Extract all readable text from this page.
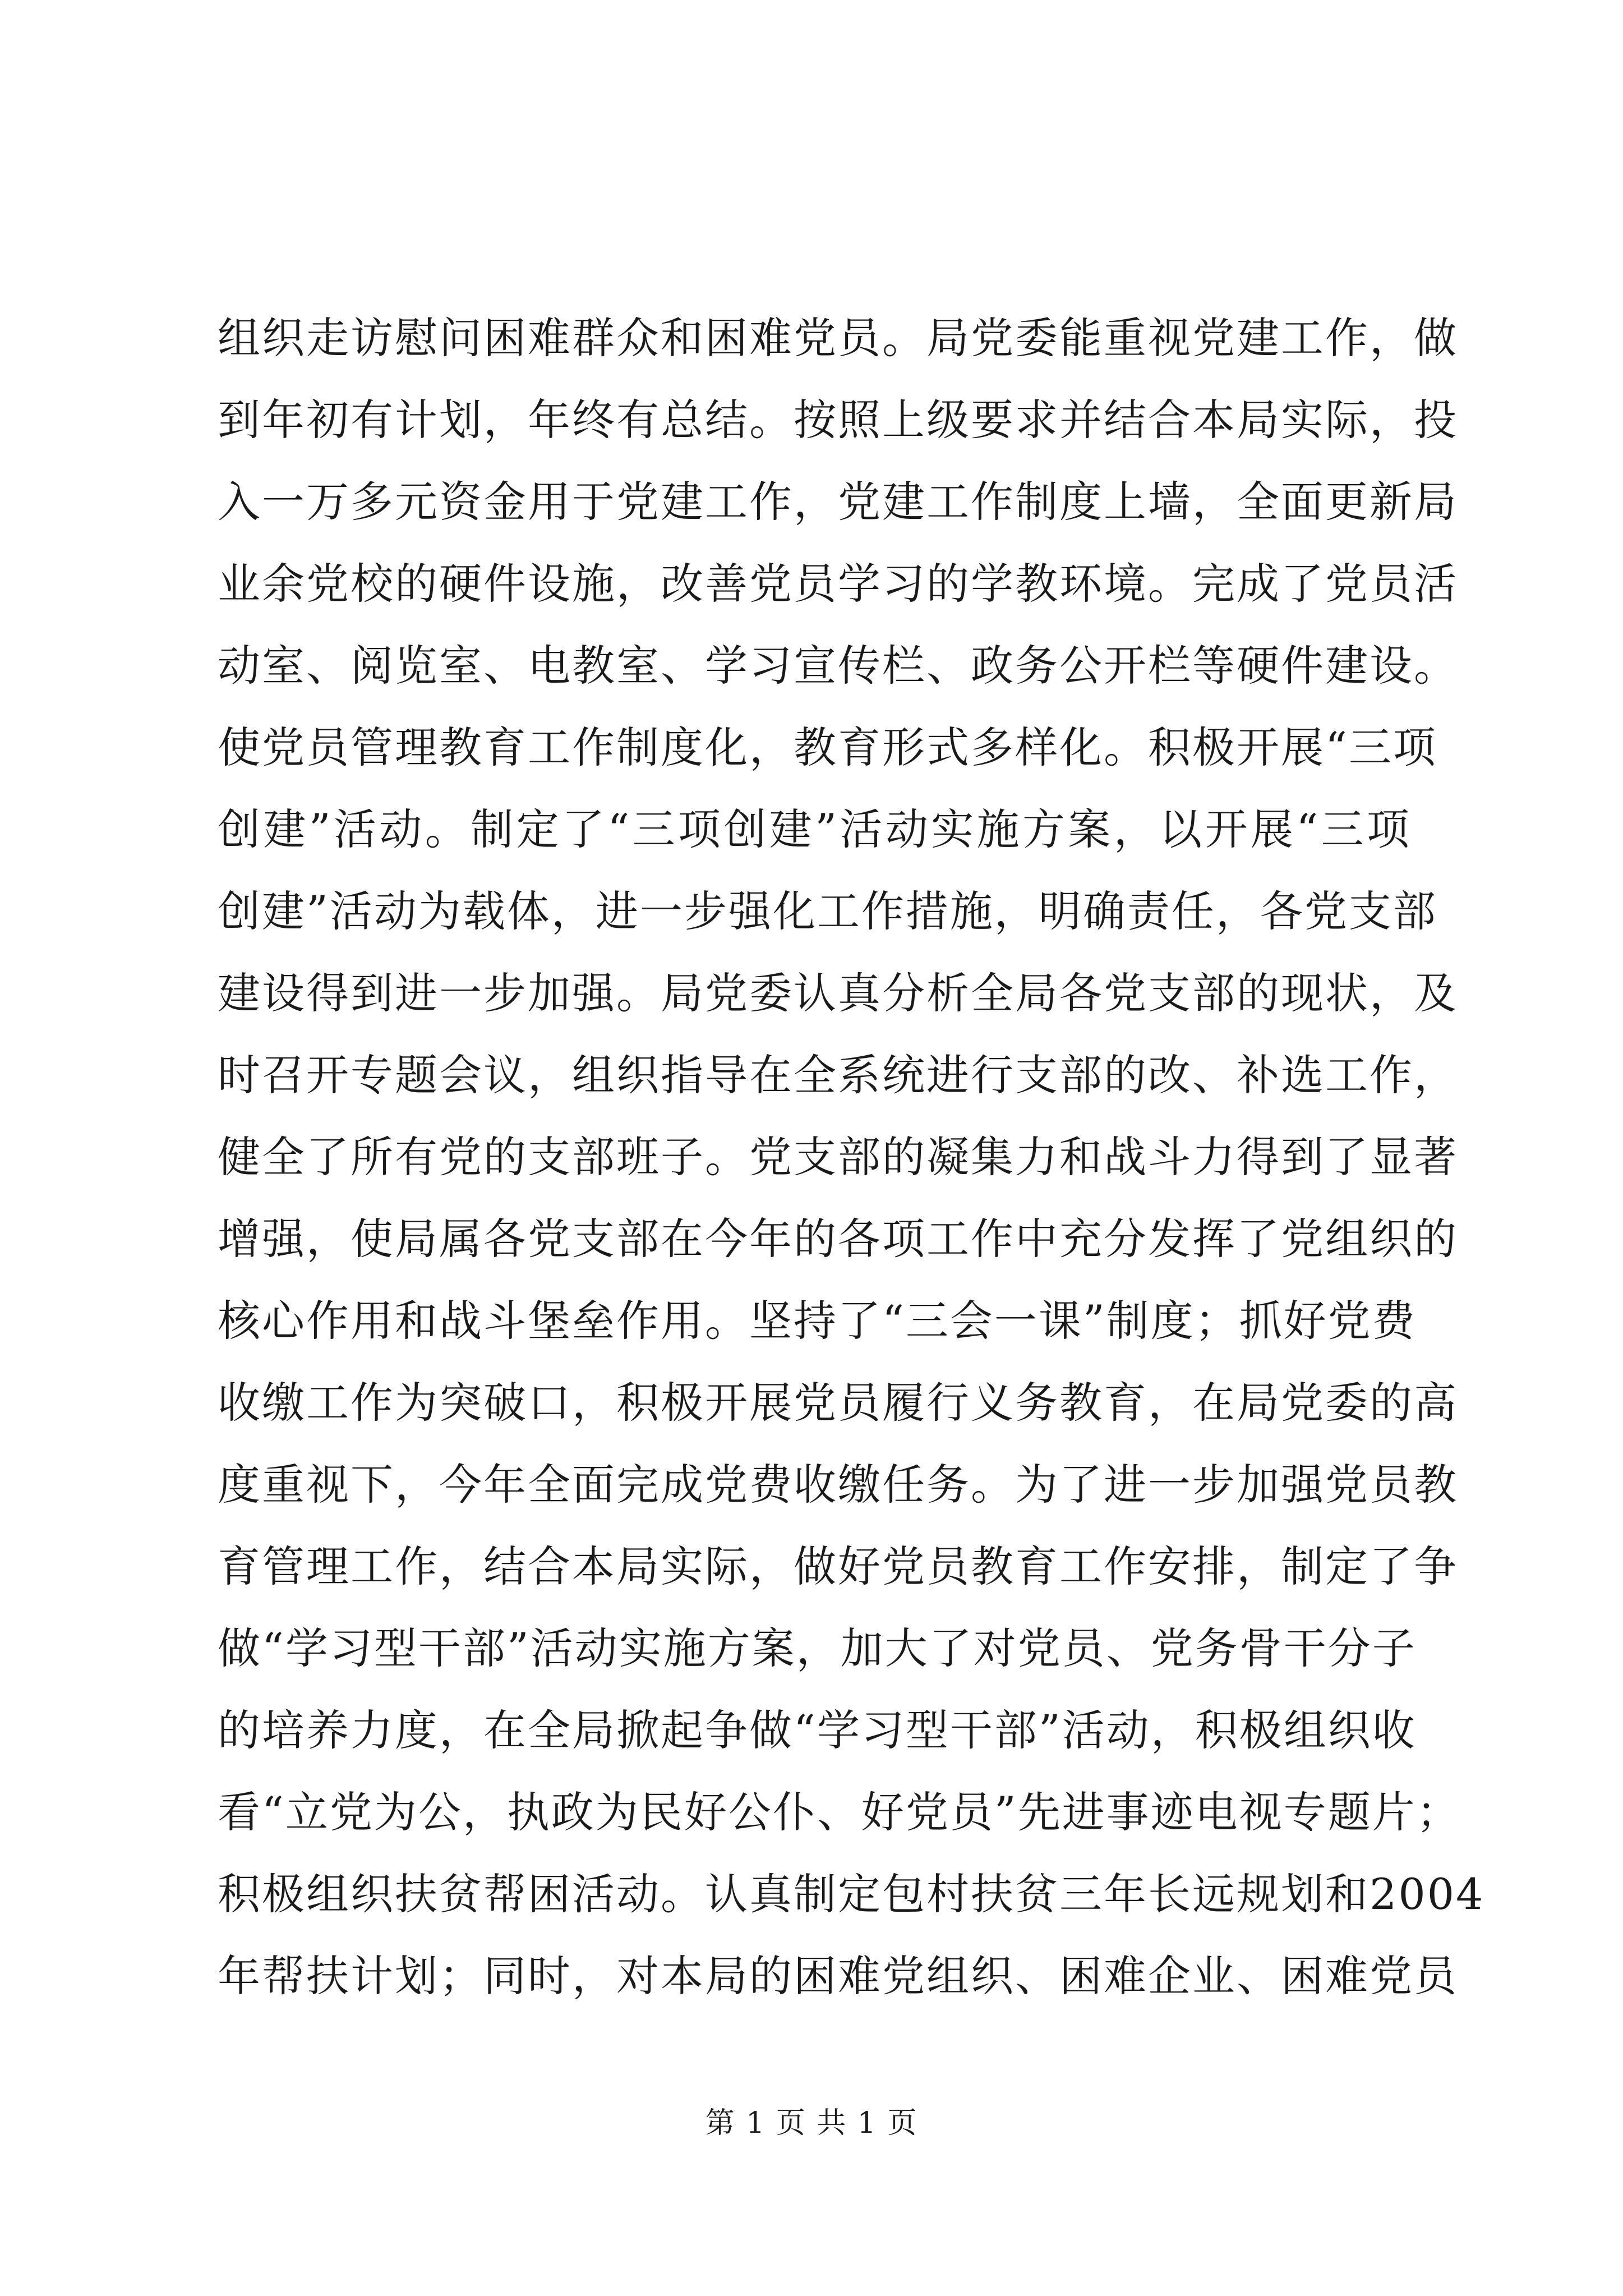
组织走访慰问困难群众和困难党员。局党委能重视党建工作，做
到年初有计划，年终有总结。按照上级要求并结合本局实际，投
入一万多元资金用于党建工作，党建工作制度上墙，全面更新局
业余党校的硬件设施，改善党员学习的学教环境。完成了党员活
动室、阅览室、电教室、学习宣传栏、政务公开栏等硬件建设。
使党员管理教育工作制度化，教育形式多样化。积极开展“三项
创建”活动。制定了“三项创建”活动实施方案，以开展“三项
创建”活动为载体，进一步强化工作措施，明确责任，各党支部
建设得到进一步加强。局党委认真分析全局各党支部的现状，及
时召开专题会议，组织指导在全系统进行支部的改、补选工作，
健全了所有党的支部班子。党支部的凝集力和战斗力得到了显著
增强，使局属各党支部在今年的各项工作中充分发挥了党组织的
核心作用和战斗堡垒作用。坚持了“三会一课”制度；抓好党费
收缴工作为突破口，积极开展党员履行义务教育，在局党委的高
度重视下，今年全面完成党费收缴任务。为了进一步加强党员教
育管理工作，结合本局实际，做好党员教育工作安排，制定了争
做“学习型干部”活动实施方案，加大了对党员、党务骨干分子
的培养力度，在全局掀起争做“学习型干部”活动，积极组织收
看“立党为公，执政为民好公仆、好党员”先进事迹电视专题片；
积极组织扶贫帮困活动。认真制定包村扶贫三年长远规划和2004
年帮扶计划；同时，对本局的困难党组织、困难企业、困难党员
第 1 页 共 1 页
